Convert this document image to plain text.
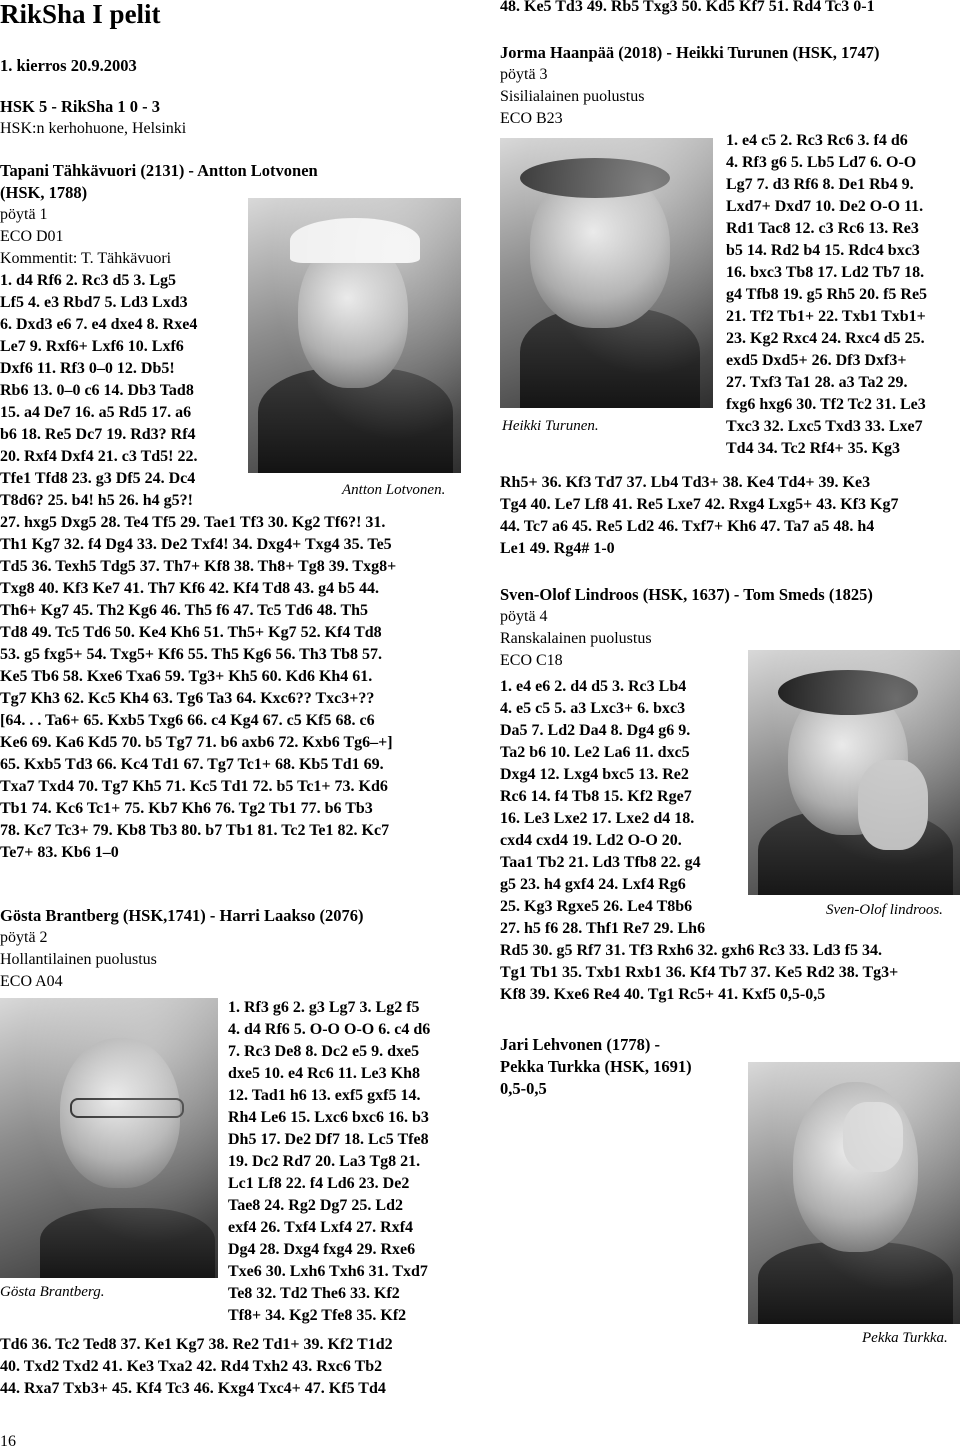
RikSha I pelit
1. kierros 20.9.2003
HSK 5 - RikSha 1 0 - 3
HSK:n kerhohuone, Helsinki

Tapani Tähkävuori (2131) - Antton Lotvonen

(HSK, 1788)

pöytä 1

ECO D01

Kommentit: T. Tähkävuori

1. d4 Rf6 2. Rc3 d5 3. Lg5

Lf5 4. e3 Rbd7 5. Ld3 Lxd3

6. Dxd3 e6 7. e4 dxe4 8. Rxe4

Le7 9. Rxf6+ Lxf6 10. Lxf6

Dxf6 11. Rf3 0–0 12. Db5!

Rb6 13. 0–0 c6 14. Db3 Tad8

15. a4 De7 16. a5 Rd5 17. a6

b6 18. Re5 Dc7 19. Rd3? Rf4

20. Rxf4 Dxf4 21. c3 Td5! 22.

Tfe1 Tfd8 23. g3 Df5 24. Dc4

T8d6? 25. b4! h5 26. h4 g5?!

27. hxg5 Dxg5 28. Te4 Tf5 29. Tae1 Tf3 30. Kg2 Tf6?! 31.

Th1 Kg7 32. f4 Dg4 33. De2 Txf4! 34. Dxg4+ Txg4 35. Te5

Td5 36. Texh5 Tdg5 37. Th7+ Kf8 38. Th8+ Tg8 39. Txg8+

Txg8 40. Kf3 Ke7 41. Th7 Kf6 42. Kf4 Td8 43. g4 b5 44.

Th6+ Kg7 45. Th2 Kg6 46. Th5 f6 47. Tc5 Td6 48. Th5

Td8 49. Tc5 Td6 50. Ke4 Kh6 51. Th5+ Kg7 52. Kf4 Td8

53. g5 fxg5+ 54. Txg5+ Kf6 55. Th5 Kg6 56. Th3 Tb8 57.

Ke5 Tb6 58. Kxe6 Txa6 59. Tg3+ Kh5 60. Kd6 Kh4 61.

Tg7 Kh3 62. Kc5 Kh4 63. Tg6 Ta3 64. Kxc6?? Txc3+??

[64. . . Ta6+ 65. Kxb5 Txg6 66. c4 Kg4 67. c5 Kf5 68. c6

Ke6 69. Ka6 Kd5 70. b5 Tg7 71. b6 axb6 72. Kxb6 Tg6–+]

65. Kxb5 Td3 66. Kc4 Td1 67. Tg7 Tc1+ 68. Kb5 Td1 69.

Txa7 Txd4 70. Tg7 Kh5 71. Kc5 Td1 72. b5 Tc1+ 73. Kd6

Tb1 74. Kc6 Tc1+ 75. Kb7 Kh6 76. Tg2 Tb1 77. b6 Tb3

78. Kc7 Tc3+ 79. Kb8 Tb3 80. b7 Tb1 81. Tc2 Te1 82. Kc7

Te7+ 83. Kb6 1–0

Antton Lotvonen.

Gösta Brantberg (HSK,1741) - Harri Laakso (2076)

pöytä 2

Hollantilainen puolustus

ECO A04

1. Rf3 g6 2. g3 Lg7 3. Lg2 f5

4. d4 Rf6 5. O-O O-O 6. c4 d6

7. Rc3 De8 8. Dc2 e5 9. dxe5

dxe5 10. e4 Rc6 11. Le3 Kh8

12. Tad1 h6 13. exf5 gxf5 14.

Rh4 Le6 15. Lxc6 bxc6 16. b3

Dh5 17. De2 Df7 18. Lc5 Tfe8

19. Dc2 Rd7 20. La3 Tg8 21.

Lc1 Lf8 22. f4 Ld6 23. De2

Tae8 24. Rg2 Dg7 25. Ld2

exf4 26. Txf4 Lxf4 27. Rxf4

Dg4 28. Dxg4 fxg4 29. Rxe6

Txe6 30. Lxh6 Txh6 31. Txd7

Te8 32. Td2 The6 33. Kf2

Tf8+ 34. Kg2 Tfe8 35. Kf2

Td6 36. Tc2 Ted8 37. Ke1 Kg7 38. Re2 Td1+ 39. Kf2 T1d2

40. Txd2 Txd2 41. Ke3 Txa2 42. Rd4 Txh2 43. Rxc6 Tb2

44. Rxa7 Txb3+ 45. Kf4 Tc3 46. Kxg4 Txc4+ 47. Kf5 Td4

Gösta Brantberg.
16

48. Ke5 Td3 49. Rb5 Txg3 50. Kd5 Kf7 51. Rd4 Tc3 0-1

Jorma Haanpää (2018) - Heikki Turunen (HSK, 1747)

pöytä 3

Sisilialainen puolustus

ECO B23

1. e4 c5 2. Rc3 Rc6 3. f4 d6

4. Rf3 g6 5. Lb5 Ld7 6. O-O

Lg7 7. d3 Rf6 8. De1 Rb4 9.

Lxd7+ Dxd7 10. De2 O-O 11.

Rd1 Tac8 12. c3 Rc6 13. Re3

b5 14. Rd2 b4 15. Rdc4 bxc3

16. bxc3 Tb8 17. Ld2 Tb7 18.

g4 Tfb8 19. g5 Rh5 20. f5 Re5

21. Tf2 Tb1+ 22. Txb1 Txb1+

23. Kg2 Rxc4 24. Rxc4 d5 25.

exd5 Dxd5+ 26. Df3 Dxf3+

27. Txf3 Ta1 28. a3 Ta2 29.

fxg6 hxg6 30. Tf2 Tc2 31. Le3

Txc3 32. Lxc5 Txd3 33. Lxe7

Td4 34. Tc2 Rf4+ 35. Kg3

Rh5+ 36. Kf3 Td7 37. Lb4 Td3+ 38. Ke4 Td4+ 39. Ke3

Tg4 40. Le7 Lf8 41. Re5 Lxe7 42. Rxg4 Lxg5+ 43. Kf3 Kg7

44. Tc7 a6 45. Re5 Ld2 46. Txf7+ Kh6 47. Ta7 a5 48. h4

Le1 49. Rg4# 1-0

Heikki Turunen.

Sven-Olof Lindroos (HSK, 1637) - Tom Smeds (1825)

pöytä 4

Ranskalainen puolustus

ECO C18

1. e4 e6 2. d4 d5 3. Rc3 Lb4

4. e5 c5 5. a3 Lxc3+ 6. bxc3

Da5 7. Ld2 Da4 8. Dg4 g6 9.

Ta2 b6 10. Le2 La6 11. dxc5

Dxg4 12. Lxg4 bxc5 13. Re2

Rc6 14. f4 Tb8 15. Kf2 Rge7

16. Le3 Lxe2 17. Lxe2 d4 18.

cxd4 cxd4 19. Ld2 O-O 20.

Taa1 Tb2 21. Ld3 Tfb8 22. g4

g5 23. h4 gxf4 24. Lxf4 Rg6

25. Kg3 Rgxe5 26. Le4 T8b6

27. h5 f6 28. Thf1 Re7 29. Lh6

Rd5 30. g5 Rf7 31. Tf3 Rxh6 32. gxh6 Rc3 33. Ld3 f5 34.

Tg1 Tb1 35. Txb1 Rxb1 36. Kf4 Tb7 37. Ke5 Rd2 38. Tg3+

Kf8 39. Kxe6 Re4 40. Tg1 Rc5+ 41. Kxf5 0,5-0,5

Sven-Olof lindroos.

Jari Lehvonen (1778) -

Pekka Turkka (HSK, 1691)

0,5-0,5

Pekka Turkka.
